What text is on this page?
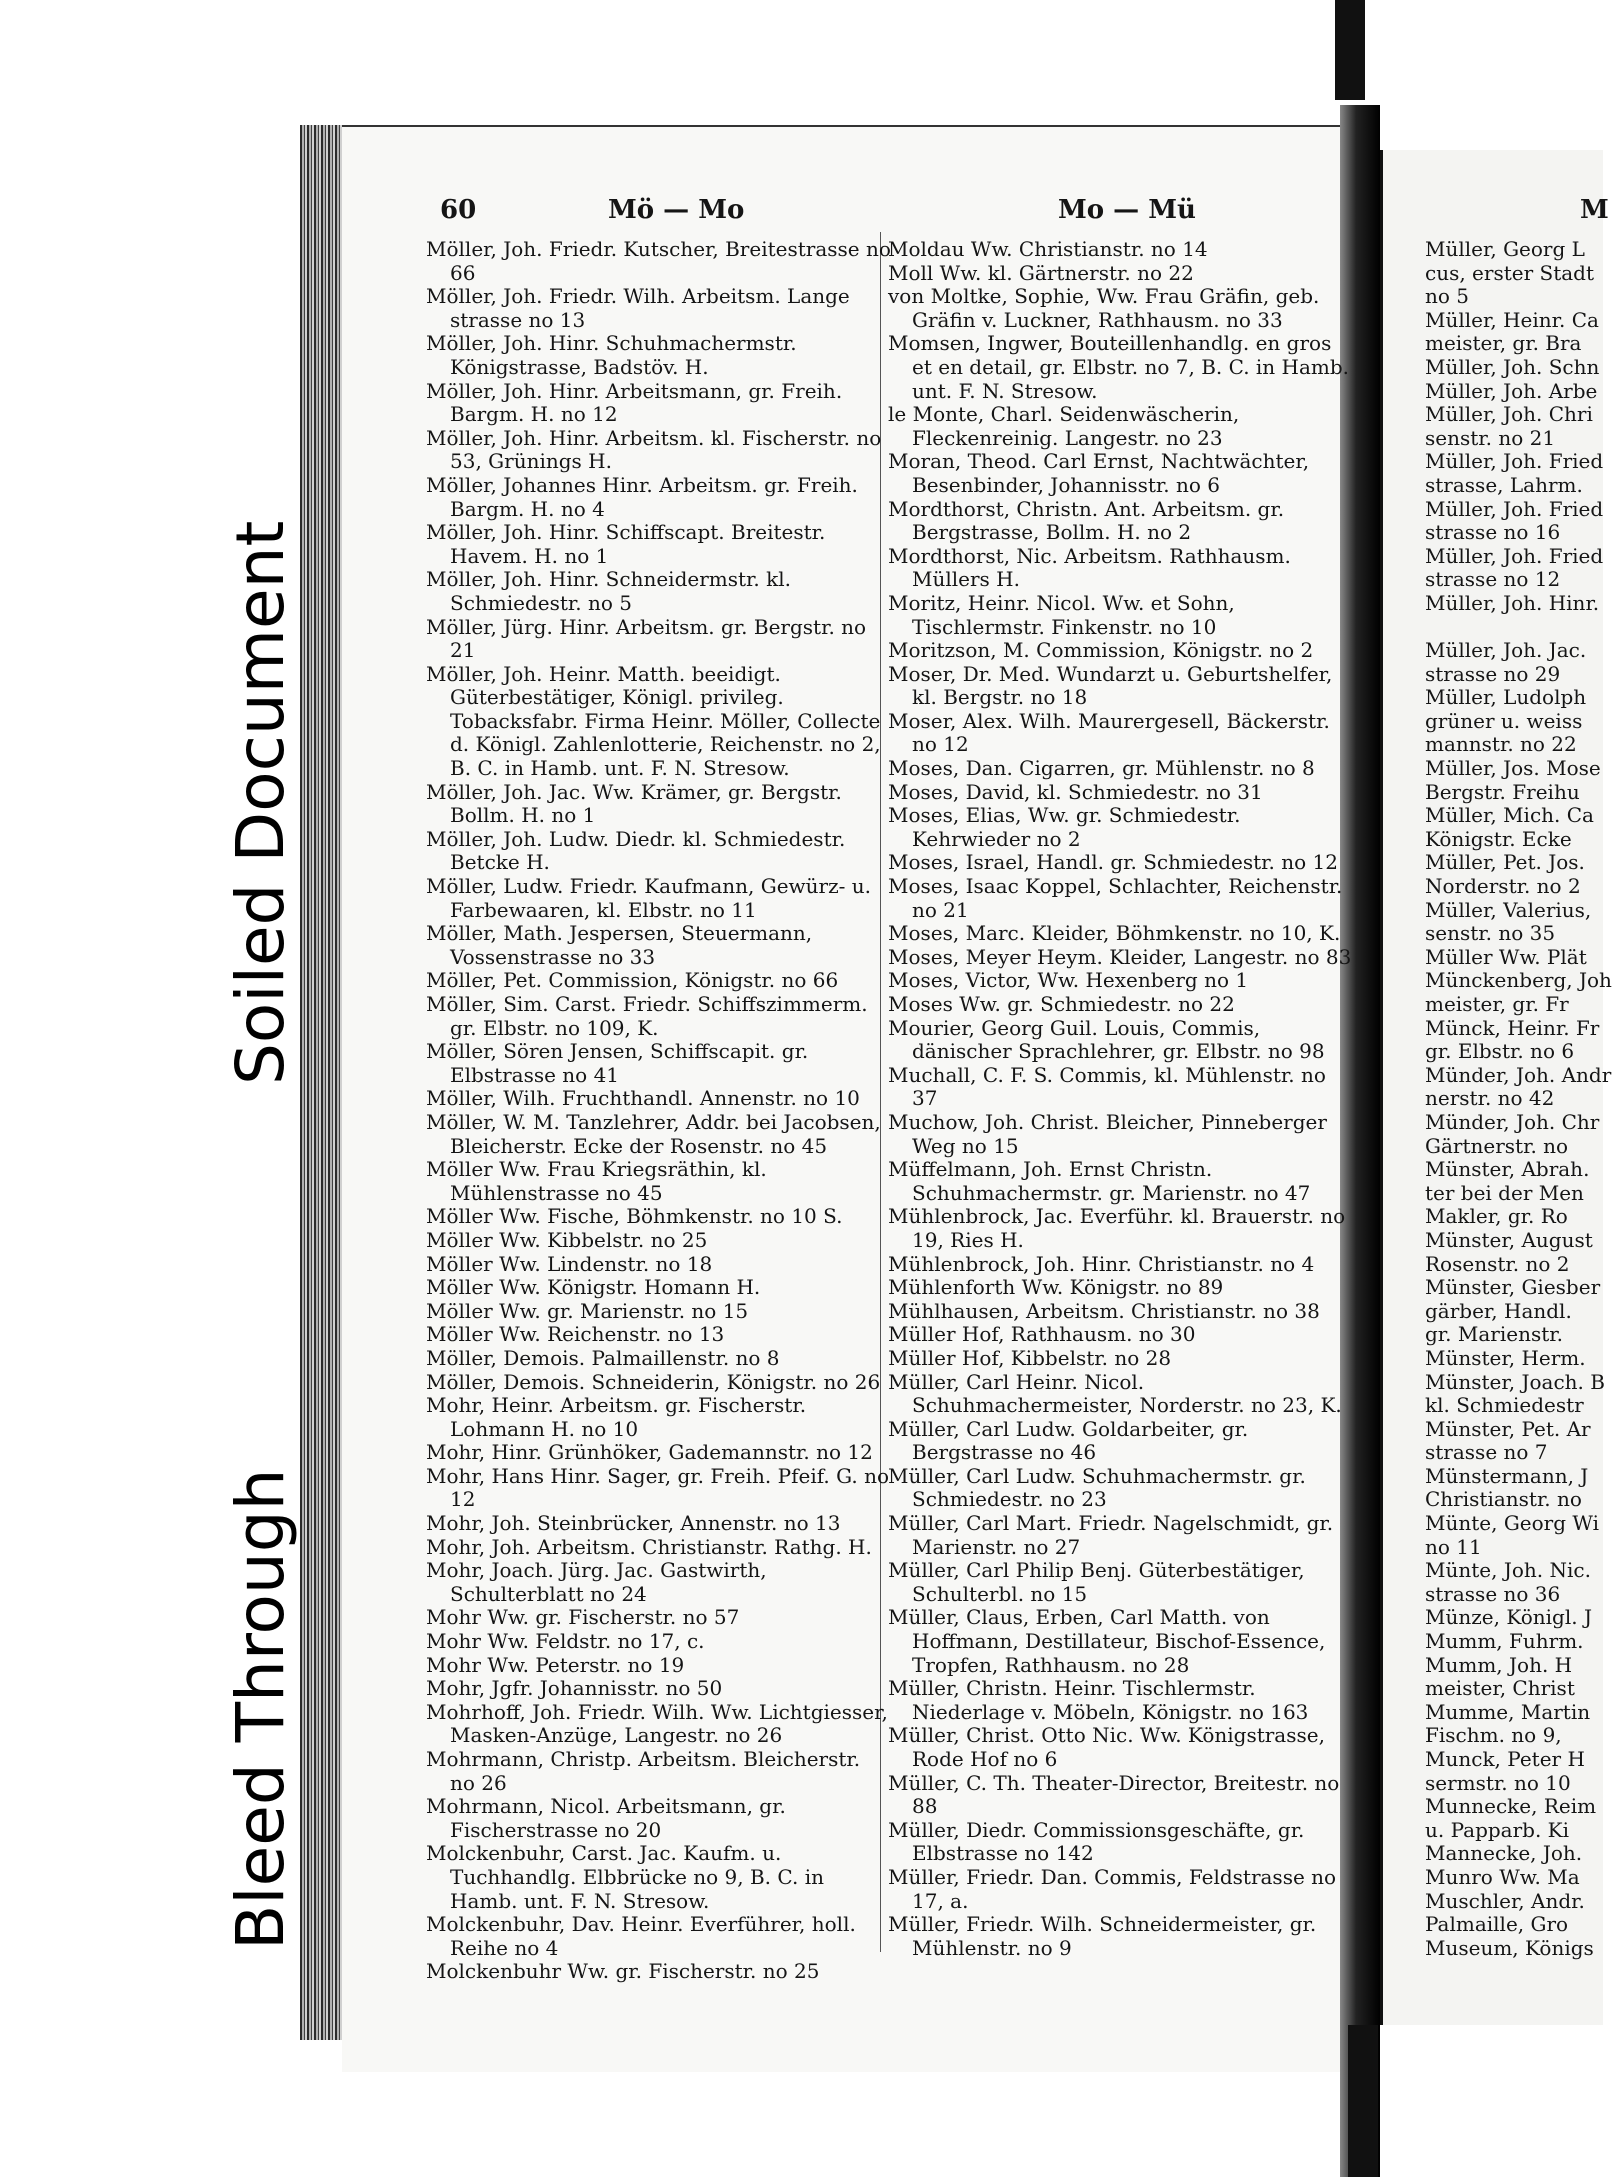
Soiled Document
Bleed Through
60	Mö — Mo	Mo — Mü	M

Möller, Joh. Friedr. Kutscher, Breitestrasse no 66

Möller, Joh. Friedr. Wilh. Arbeitsm. Lange strasse no 13

Möller, Joh. Hinr. Schuhmachermstr. Königstrasse, Badstöv. H.

Möller, Joh. Hinr. Arbeitsmann, gr. Freih. Bargm. H. no 12

Möller, Joh. Hinr. Arbeitsm. kl. Fischerstr. no 53, Grünings H.

Möller, Johannes Hinr. Arbeitsm. gr. Freih. Bargm. H. no 4

Möller, Joh. Hinr. Schiffscapt. Breitestr. Havem. H. no 1

Möller, Joh. Hinr. Schneidermstr. kl. Schmiedestr. no 5

Möller, Jürg. Hinr. Arbeitsm. gr. Bergstr. no 21

Möller, Joh. Heinr. Matth. beeidigt. Güterbestätiger, Königl. privileg. Tobacksfabr. Firma Heinr. Möller, Collecte d. Königl. Zahlenlotterie, Reichenstr. no 2, B. C. in Hamb. unt. F. N. Stresow.

Möller, Joh. Jac. Ww. Krämer, gr. Bergstr. Bollm. H. no 1

Möller, Joh. Ludw. Diedr. kl. Schmiedestr. Betcke H.

Möller, Ludw. Friedr. Kaufmann, Gewürz- u. Farbewaaren, kl. Elbstr. no 11

Möller, Math. Jespersen, Steuermann, Vossenstrasse no 33

Möller, Pet. Commission, Königstr. no 66

Möller, Sim. Carst. Friedr. Schiffszimmerm. gr. Elbstr. no 109, K.

Möller, Sören Jensen, Schiffscapit. gr. Elbstrasse no 41

Möller, Wilh. Fruchthandl. Annenstr. no 10

Möller, W. M. Tanzlehrer, Addr. bei Jacobsen, Bleicherstr. Ecke der Rosenstr. no 45

Möller Ww. Frau Kriegsräthin, kl. Mühlenstrasse no 45

Möller Ww. Fische, Böhmkenstr. no 10 S.

Möller Ww. Kibbelstr. no 25

Möller Ww. Lindenstr. no 18

Möller Ww. Königstr. Homann H.

Möller Ww. gr. Marienstr. no 15

Möller Ww. Reichenstr. no 13

Möller, Demois. Palmaillenstr. no 8

Möller, Demois. Schneiderin, Königstr. no 26

Mohr, Heinr. Arbeitsm. gr. Fischerstr. Lohmann H. no 10

Mohr, Hinr. Grünhöker, Gademannstr. no 12

Mohr, Hans Hinr. Sager, gr. Freih. Pfeif. G. no 12

Mohr, Joh. Steinbrücker, Annenstr. no 13

Mohr, Joh. Arbeitsm. Christianstr. Rathg. H.

Mohr, Joach. Jürg. Jac. Gastwirth, Schulterblatt no 24

Mohr Ww. gr. Fischerstr. no 57

Mohr Ww. Feldstr. no 17, c.

Mohr Ww. Peterstr. no 19

Mohr, Jgfr. Johannisstr. no 50

Mohrhoff, Joh. Friedr. Wilh. Ww. Lichtgiesser, Masken-Anzüge, Langestr. no 26

Mohrmann, Christp. Arbeitsm. Bleicherstr. no 26

Mohrmann, Nicol. Arbeitsmann, gr. Fischerstrasse no 20

Molckenbuhr, Carst. Jac. Kaufm. u. Tuchhandlg. Elbbrücke no 9, B. C. in Hamb. unt. F. N. Stresow.

Molckenbuhr, Dav. Heinr. Everführer, holl. Reihe no 4

Molckenbuhr Ww. gr. Fischerstr. no 25

Moldau Ww. Christianstr. no 14

Moll Ww. kl. Gärtnerstr. no 22

von Moltke, Sophie, Ww. Frau Gräfin, geb. Gräfin v. Luckner, Rathhausm. no 33

Momsen, Ingwer, Bouteillenhandlg. en gros et en detail, gr. Elbstr. no 7, B. C. in Hamb. unt. F. N. Stresow.

le Monte, Charl. Seidenwäscherin, Fleckenreinig. Langestr. no 23

Moran, Theod. Carl Ernst, Nachtwächter, Besenbinder, Johannisstr. no 6

Mordthorst, Christn. Ant. Arbeitsm. gr. Bergstrasse, Bollm. H. no 2

Mordthorst, Nic. Arbeitsm. Rathhausm. Müllers H.

Moritz, Heinr. Nicol. Ww. et Sohn, Tischlermstr. Finkenstr. no 10

Moritzson, M. Commission, Königstr. no 2

Moser, Dr. Med. Wundarzt u. Geburtshelfer, kl. Bergstr. no 18

Moser, Alex. Wilh. Maurergesell, Bäckerstr. no 12

Moses, Dan. Cigarren, gr. Mühlenstr. no 8

Moses, David, kl. Schmiedestr. no 31

Moses, Elias, Ww. gr. Schmiedestr. Kehrwieder no 2

Moses, Israel, Handl. gr. Schmiedestr. no 12

Moses, Isaac Koppel, Schlachter, Reichenstr. no 21

Moses, Marc. Kleider, Böhmkenstr. no 10, K.

Moses, Meyer Heym. Kleider, Langestr. no 83

Moses, Victor, Ww. Hexenberg no 1

Moses Ww. gr. Schmiedestr. no 22

Mourier, Georg Guil. Louis, Commis, dänischer Sprachlehrer, gr. Elbstr. no 98

Muchall, C. F. S. Commis, kl. Mühlenstr. no 37

Muchow, Joh. Christ. Bleicher, Pinneberger Weg no 15

Müffelmann, Joh. Ernst Christn. Schuhmachermstr. gr. Marienstr. no 47

Mühlenbrock, Jac. Everführ. kl. Brauerstr. no 19, Ries H.

Mühlenbrock, Joh. Hinr. Christianstr. no 4

Mühlenforth Ww. Königstr. no 89

Mühlhausen, Arbeitsm. Christianstr. no 38

Müller Hof, Rathhausm. no 30

Müller Hof, Kibbelstr. no 28

Müller, Carl Heinr. Nicol. Schuhmachermeister, Norderstr. no 23, K.

Müller, Carl Ludw. Goldarbeiter, gr. Bergstrasse no 46

Müller, Carl Ludw. Schuhmachermstr. gr. Schmiedestr. no 23

Müller, Carl Mart. Friedr. Nagelschmidt, gr. Marienstr. no 27

Müller, Carl Philip Benj. Güterbestätiger, Schulterbl. no 15

Müller, Claus, Erben, Carl Matth. von Hoffmann, Destillateur, Bischof-Essence, Tropfen, Rathhausm. no 28

Müller, Christn. Heinr. Tischlermstr. Niederlage v. Möbeln, Königstr. no 163

Müller, Christ. Otto Nic. Ww. Königstrasse, Rode Hof no 6

Müller, C. Th. Theater-Director, Breitestr. no 88

Müller, Diedr. Commissionsgeschäfte, gr. Elbstrasse no 142

Müller, Friedr. Dan. Commis, Feldstrasse no 17, a.

Müller, Friedr. Wilh. Schneidermeister, gr. Mühlenstr. no 9

Müller, Georg L

cus, erster Stadt

no 5

Müller, Heinr. Ca

meister, gr. Bra

Müller, Joh. Schn

Müller, Joh. Arbe

Müller, Joh. Chri

senstr. no 21

Müller, Joh. Fried

strasse, Lahrm.

Müller, Joh. Fried

strasse no 16

Müller, Joh. Fried

strasse no 12

Müller, Joh. Hinr.

Müller, Joh. Jac.

strasse no 29

Müller, Ludolph

grüner u. weiss

mannstr. no 22

Müller, Jos. Mose

Bergstr. Freihu

Müller, Mich. Ca

Königstr. Ecke

Müller, Pet. Jos.

Norderstr. no 2

Müller, Valerius,

senstr. no 35

Müller Ww. Plät

Münckenberg, Joh

meister, gr. Fr

Münck, Heinr. Fr

gr. Elbstr. no 6

Münder, Joh. Andr

nerstr. no 42

Münder, Joh. Chr

Gärtnerstr. no

Münster, Abrah.

ter bei der Men

Makler, gr. Ro

Münster, August

Rosenstr. no 2

Münster, Giesber

gärber, Handl.

gr. Marienstr.

Münster, Herm.

Münster, Joach. B

kl. Schmiedestr

Münster, Pet. Ar

strasse no 7

Münstermann, J

Christianstr. no

Münte, Georg Wi

no 11

Münte, Joh. Nic.

strasse no 36

Münze, Königl. J

Mumm, Fuhrm.

Mumm, Joh. H

meister, Christ

Mumme, Martin

Fischm. no 9,

Munck, Peter H

sermstr. no 10

Munnecke, Reim

u. Papparb. Ki

Mannecke, Joh.

Munro Ww. Ma

Muschler, Andr.

Palmaille, Gro

Museum, Königs
